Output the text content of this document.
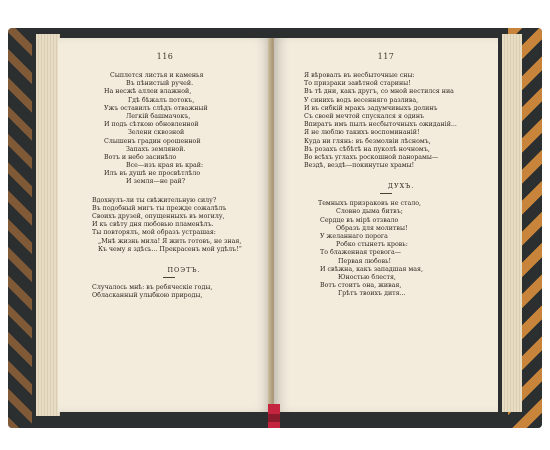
116
Сыплется листья и каменья
Въ пѣнистый ручей.
На несжѣ аллеи влажной,
Гдѣ бѣжалъ потокъ,
Ужъ оставилъ слѣдъ отважный
Легкій башмачокъ,
И подъ сѣткою обновленной
Зелени сквозной
Слышенъ градин орошенной
Запахъ земляной.
Вотъ и небо засинѣло
Все—изъ края въ край:
Илъ въ душѣ не просвѣтлѣло
И земля—не рай?
Вдохнулъ-ли ты свѣжительную силу?
Въ подобный мигъ ты прежде сожалѣлъ
Своихъ друзей, опущенныхъ въ могилу,
И къ свѣту дня любовью пламенѣлъ.
Ты повторялъ, мой образъ устрашая:
„Мнѣ жизнь мила! Я жить готовъ, не зная,
Къ чему я здѣсь... Прекрасенъ мой удѣлъ!“
ПОЭТЪ.
Случалось мнѣ: въ ребяческіе годы,
Обласканный улыбкою природы,
117
Я вѣровалъ въ несбыточные сны:
То призраки завѣтной старины!
Въ тѣ дни, какъ другъ, со мной нестился ниа
У синихъ водъ весенняго разлива,
И въ сибкій мракъ задумчивыхъ долинъ
Съ своей мечтой спускался я одинъ
Впиратъ имъ пылъ несбыточныхъ ожиданій...
Я не люблю такихъ воспоминаній!
Куда ни глянь: въ безмолвіи лѣсномъ,
Въ розахъ сѣбѣтѣ на пуколѣ ночномъ,
Во всѣхъ углахъ роскошной панорамы—
Вездѣ, вездѣ—покинутые храмы!
ДУХЪ.
Темныхъ призраковъ не стало,
Словно дыма битвъ;
Сердце въ мірѣ отзвало
Образъ для молитвы!
У желаннаго порога
Робко стынетъ кровь:
То блаженная тревога—
Первая любовь!
И свѣжна, какъ западшая мая,
Юностью блестя,
Вотъ стоитъ она, живая,
Грѣтъ твоихъ дитя...
